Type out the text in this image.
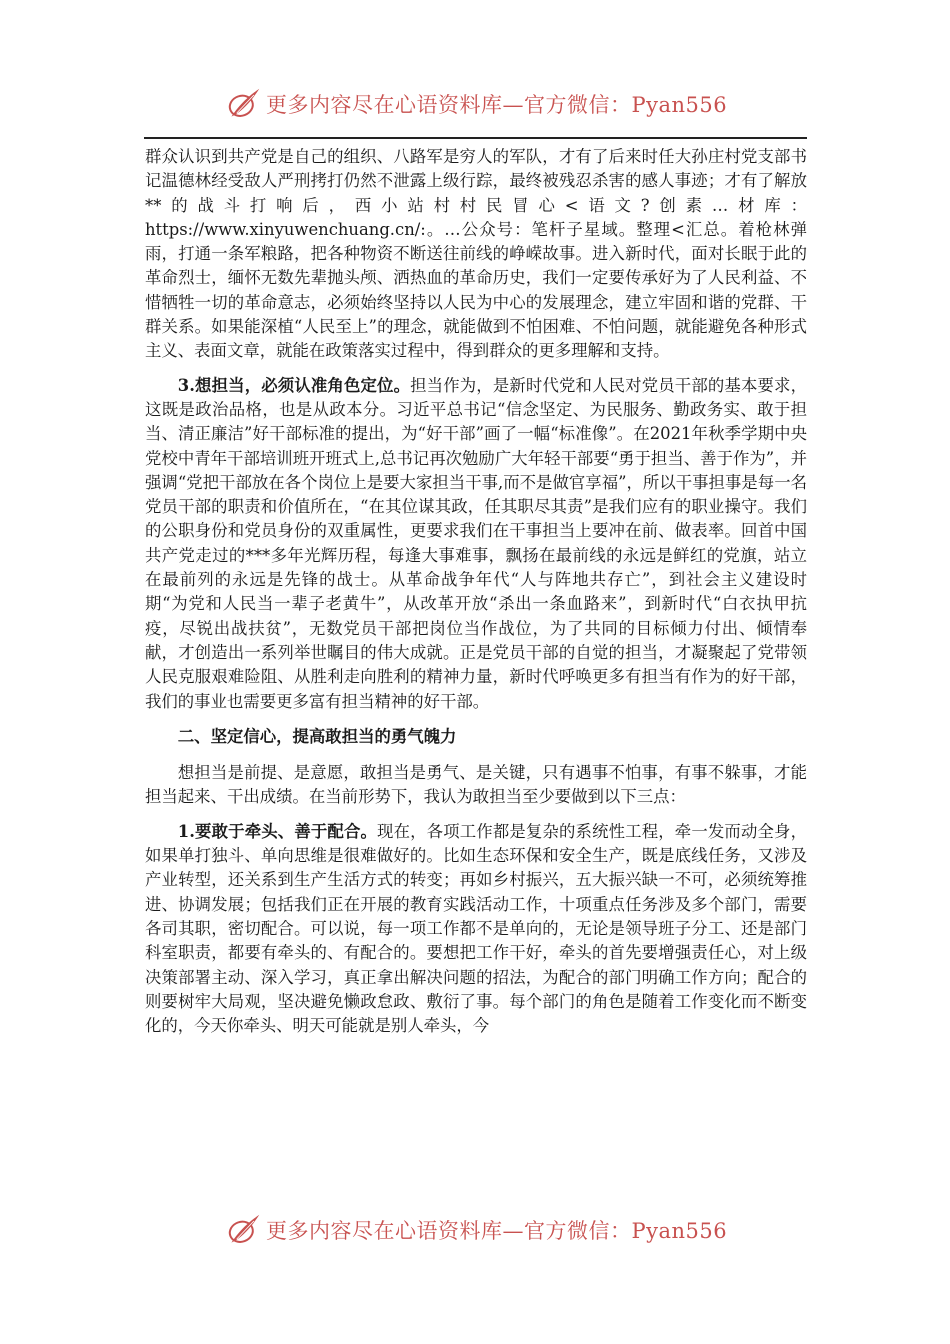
更多内容尽在心语资料库—官方微信：Pyan556

群众认识到共产党是自己的组织、八路军是穷人的军队，才有了后来时任大孙庄村党支部书记温德林经受敌人严刑拷打仍然不泄露上级行踪，最终被残忍杀害的感人事迹；才有了解放**的战斗打响后，西小站村村民冒心<语文?创素…材库：https://www.xinyuwenchuang.cn/:。…公众号：笔杆子星域。整理<汇总。着枪林弹雨，打通一条军粮路，把各种物资不断送往前线的峥嵘故事。进入新时代，面对长眠于此的革命烈士，缅怀无数先辈抛头颅、洒热血的革命历史，我们一定要传承好为了人民利益、不惜牺牲一切的革命意志，必须始终坚持以人民为中心的发展理念，建立牢固和谐的党群、干群关系。如果能深植“人民至上”的理念，就能做到不怕困难、不怕问题，就能避免各种形式主义、表面文章，就能在政策落实过程中，得到群众的更多理解和支持。

3.想担当，必须认准角色定位。担当作为，是新时代党和人民对党员干部的基本要求，这既是政治品格，也是从政本分。习近平总书记“信念坚定、为民服务、勤政务实、敢于担当、清正廉洁”好干部标准的提出，为“好干部”画了一幅“标准像”。在2021年秋季学期中央党校中青年干部培训班开班式上,总书记再次勉励广大年轻干部要“勇于担当、善于作为”，并强调“党把干部放在各个岗位上是要大家担当干事,而不是做官享福”，所以干事担事是每一名党员干部的职责和价值所在，“在其位谋其政，任其职尽其责”是我们应有的职业操守。我们的公职身份和党员身份的双重属性，更要求我们在干事担当上要冲在前、做表率。回首中国共产党走过的***多年光辉历程，每逢大事难事，飘扬在最前线的永远是鲜红的党旗，站立在最前列的永远是先锋的战士。从革命战争年代“人与阵地共存亡”，到社会主义建设时期“为党和人民当一辈子老黄牛”，从改革开放“杀出一条血路来”，到新时代“白衣执甲抗疫，尽锐出战扶贫”，无数党员干部把岗位当作战位，为了共同的目标倾力付出、倾情奉献，才创造出一系列举世瞩目的伟大成就。正是党员干部的自觉的担当，才凝聚起了党带领人民克服艰难险阻、从胜利走向胜利的精神力量，新时代呼唤更多有担当有作为的好干部，我们的事业也需要更多富有担当精神的好干部。

二、坚定信心，提高敢担当的勇气魄力

想担当是前提、是意愿，敢担当是勇气、是关键，只有遇事不怕事，有事不躲事，才能担当起来、干出成绩。在当前形势下，我认为敢担当至少要做到以下三点：

1.要敢于牵头、善于配合。现在，各项工作都是复杂的系统性工程，牵一发而动全身，如果单打独斗、单向思维是很难做好的。比如生态环保和安全生产，既是底线任务，又涉及产业转型，还关系到生产生活方式的转变；再如乡村振兴，五大振兴缺一不可，必须统筹推进、协调发展；包括我们正在开展的教育实践活动工作，十项重点任务涉及多个部门，需要各司其职，密切配合。可以说，每一项工作都不是单向的，无论是领导班子分工、还是部门科室职责，都要有牵头的、有配合的。要想把工作干好，牵头的首先要增强责任心，对上级决策部署主动、深入学习，真正拿出解决问题的招法，为配合的部门明确工作方向；配合的则要树牢大局观，坚决避免懒政怠政、敷衍了事。每个部门的角色是随着工作变化而不断变化的，今天你牵头、明天可能就是别人牵头，今

更多内容尽在心语资料库—官方微信：Pyan556
